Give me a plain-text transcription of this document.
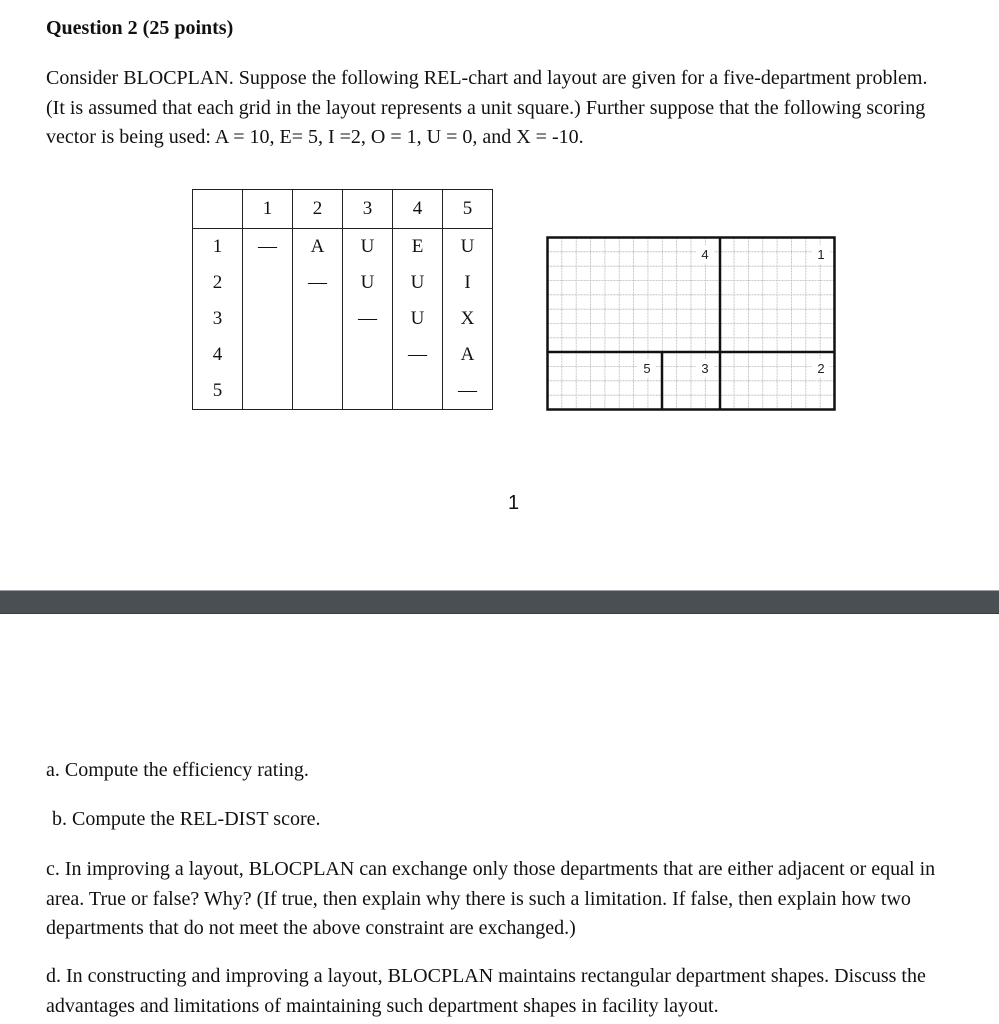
Question 2 (25 points)

Consider BLOCPLAN. Suppose the following REL-chart and layout are given for a five-department problem. (It is assumed that each grid in the layout represents a unit square.) Further suppose that the following scoring vector is being used: A = 10, E= 5, I =2, O = 1, U = 0, and X = -10.

	1	2	3	4	5
1	—	A	U	E	U
2		—	U	U	I
3			—	U	X
4				—	A
5					—
4	1
5	3	2
1

a. Compute the efficiency rating.

b. Compute the REL-DIST score.

c. In improving a layout, BLOCPLAN can exchange only those departments that are either adjacent or equal in area. True or false? Why? (If true, then explain why there is such a limitation. If false, then explain how two departments that do not meet the above constraint are exchanged.)

d. In constructing and improving a layout, BLOCPLAN maintains rectangular department shapes. Discuss the advantages and limitations of maintaining such department shapes in facility layout.
